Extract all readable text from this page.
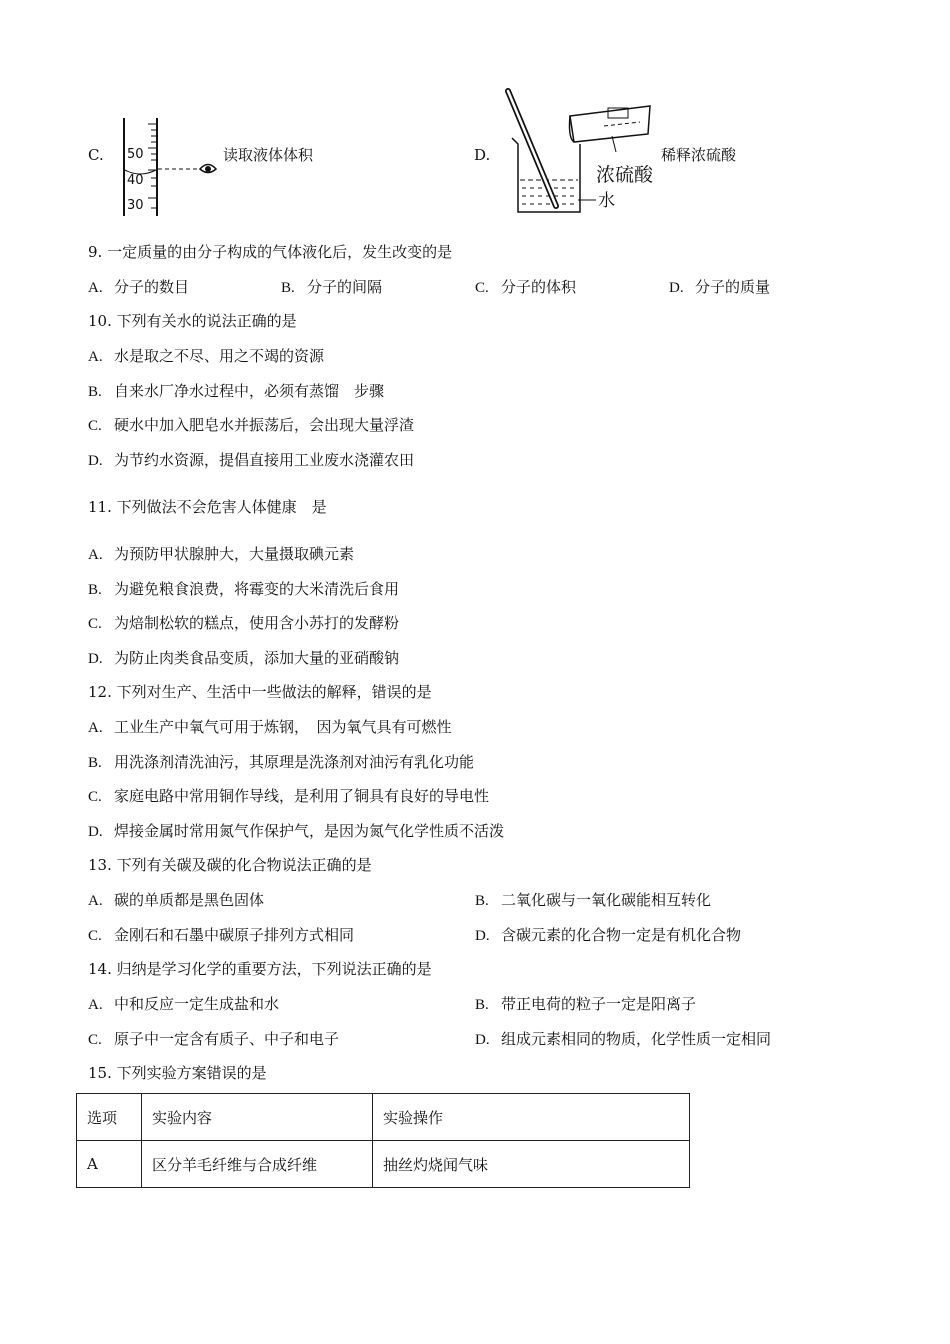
C. 50
40
30
读取液体体积	D.
浓硫酸
水
稀释浓硫酸
9. 一定质量的由分子构成的气体液化后，发生改变的是
A. 分子的数目	B. 分子的间隔	C. 分子的体积	D. 分子的质量
10. 下列有关水的说法正确的是
A. 水是取之不尽、用之不竭的资源
B. 自来水厂净水过程中，必须有蒸馏　步骤
C. 硬水中加入肥皂水并振荡后，会出现大量浮渣
D. 为节约水资源，提倡直接用工业废水浇灌农田
11. 下列做法不会危害人体健康　是
A. 为预防甲状腺肿大，大量摄取碘元素
B. 为避免粮食浪费，将霉变的大米清洗后食用
C. 为焙制松软的糕点，使用含小苏打的发酵粉
D. 为防止肉类食品变质，添加大量的亚硝酸钠
12. 下列对生产、生活中一些做法的解释，错误的是
A. 工业生产中氧气可用于炼钢，　因为氧气具有可燃性
B. 用洗涤剂清洗油污，其原理是洗涤剂对油污有乳化功能
C. 家庭电路中常用铜作导线，是利用了铜具有良好的导电性
D. 焊接金属时常用氮气作保护气，是因为氮气化学性质不活泼
13. 下列有关碳及碳的化合物说法正确的是
A. 碳的单质都是黑色固体	B. 二氧化碳与一氧化碳能相互转化
C. 金刚石和石墨中碳原子排列方式相同	D. 含碳元素的化合物一定是有机化合物
14. 归纳是学习化学的重要方法，下列说法正确的是
A. 中和反应一定生成盐和水	B. 带正电荷的粒子一定是阳离子
C. 原子中一定含有质子、中子和电子	D. 组成元素相同的物质，化学性质一定相同
15. 下列实验方案错误的是
选项	实验内容	实验操作
A	区分羊毛纤维与合成纤维	抽丝灼烧闻气味
